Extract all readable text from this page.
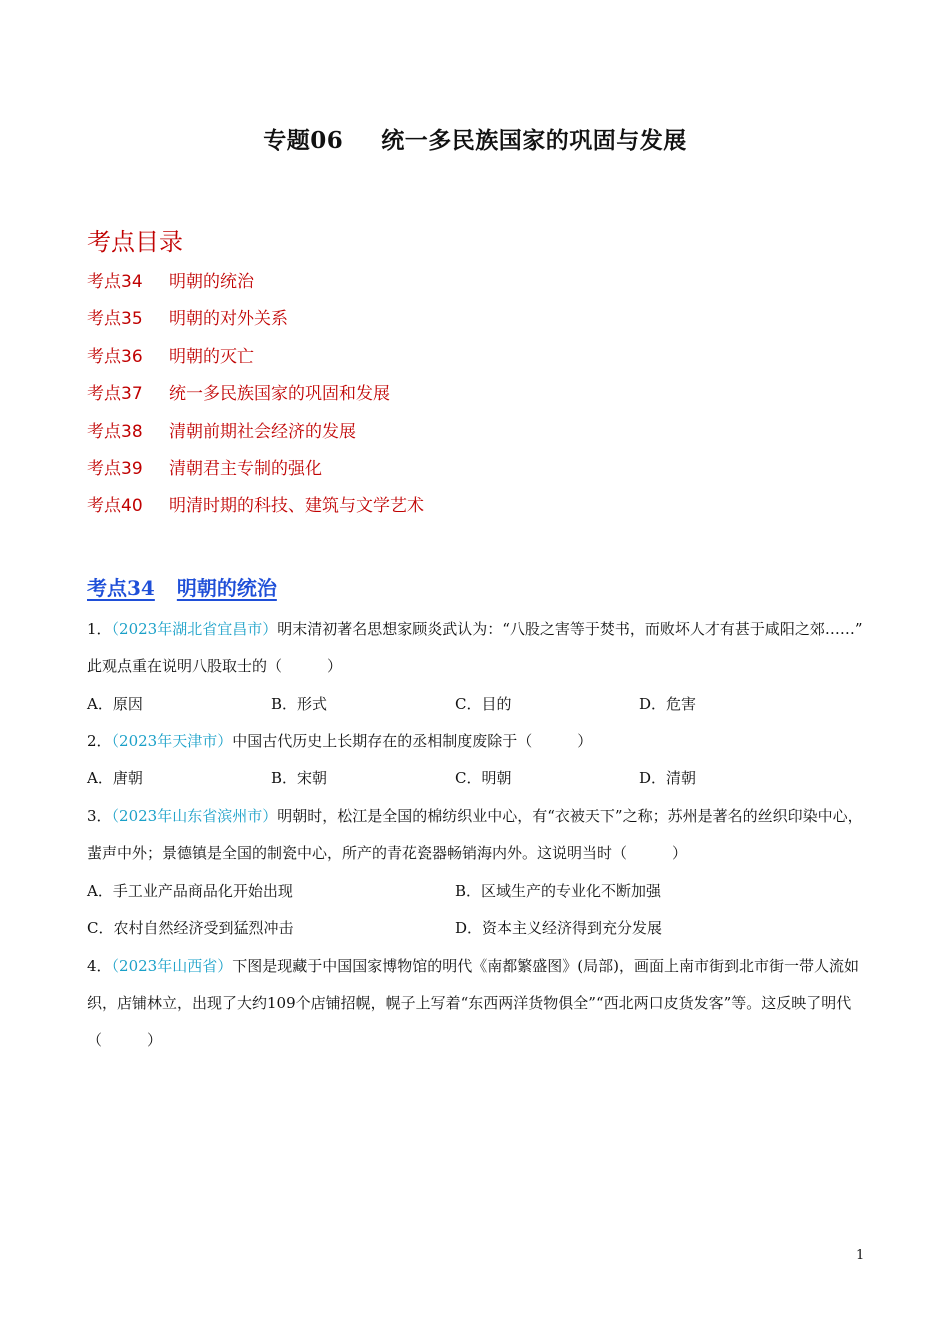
专题06 统一多民族国家的巩固与发展
考点目录
考点34 明朝的统治
考点35 明朝的对外关系
考点36 明朝的灭亡
考点37 统一多民族国家的巩固和发展
考点38 清朝前期社会经济的发展
考点39 清朝君主专制的强化
考点40 明清时期的科技、建筑与文学艺术
考点34 明朝的统治
1．（2023年湖北省宜昌市）明末清初著名思想家顾炎武认为：“八股之害等于焚书，而败坏人才有甚于咸阳之郊……” 此观点重在说明八股取士的（　　　）
A．原因	B．形式	C．目的	D．危害
2．（2023年天津市）中国古代历史上长期存在的丞相制度废除于（　　　）
A．唐朝	B．宋朝	C．明朝	D．清朝
3．（2023年山东省滨州市）明朝时，松江是全国的棉纺织业中心，有“衣被天下”之称；苏州是著名的丝织印染中心，蜚声中外；景德镇是全国的制瓷中心，所产的青花瓷器畅销海内外。这说明当时（　　　）
A．手工业产品商品化开始出现	B．区域生产的专业化不断加强
C．农村自然经济受到猛烈冲击	D．资本主义经济得到充分发展
4．（2023年山西省）下图是现藏于中国国家博物馆的明代《南都繁盛图》(局部)，画面上南市街到北市街一带人流如织，店铺林立，出现了大约109个店铺招幌，幌子上写着“东西两洋货物俱全”“西北两口皮货发客”等。这反映了明代（　　　）
1
